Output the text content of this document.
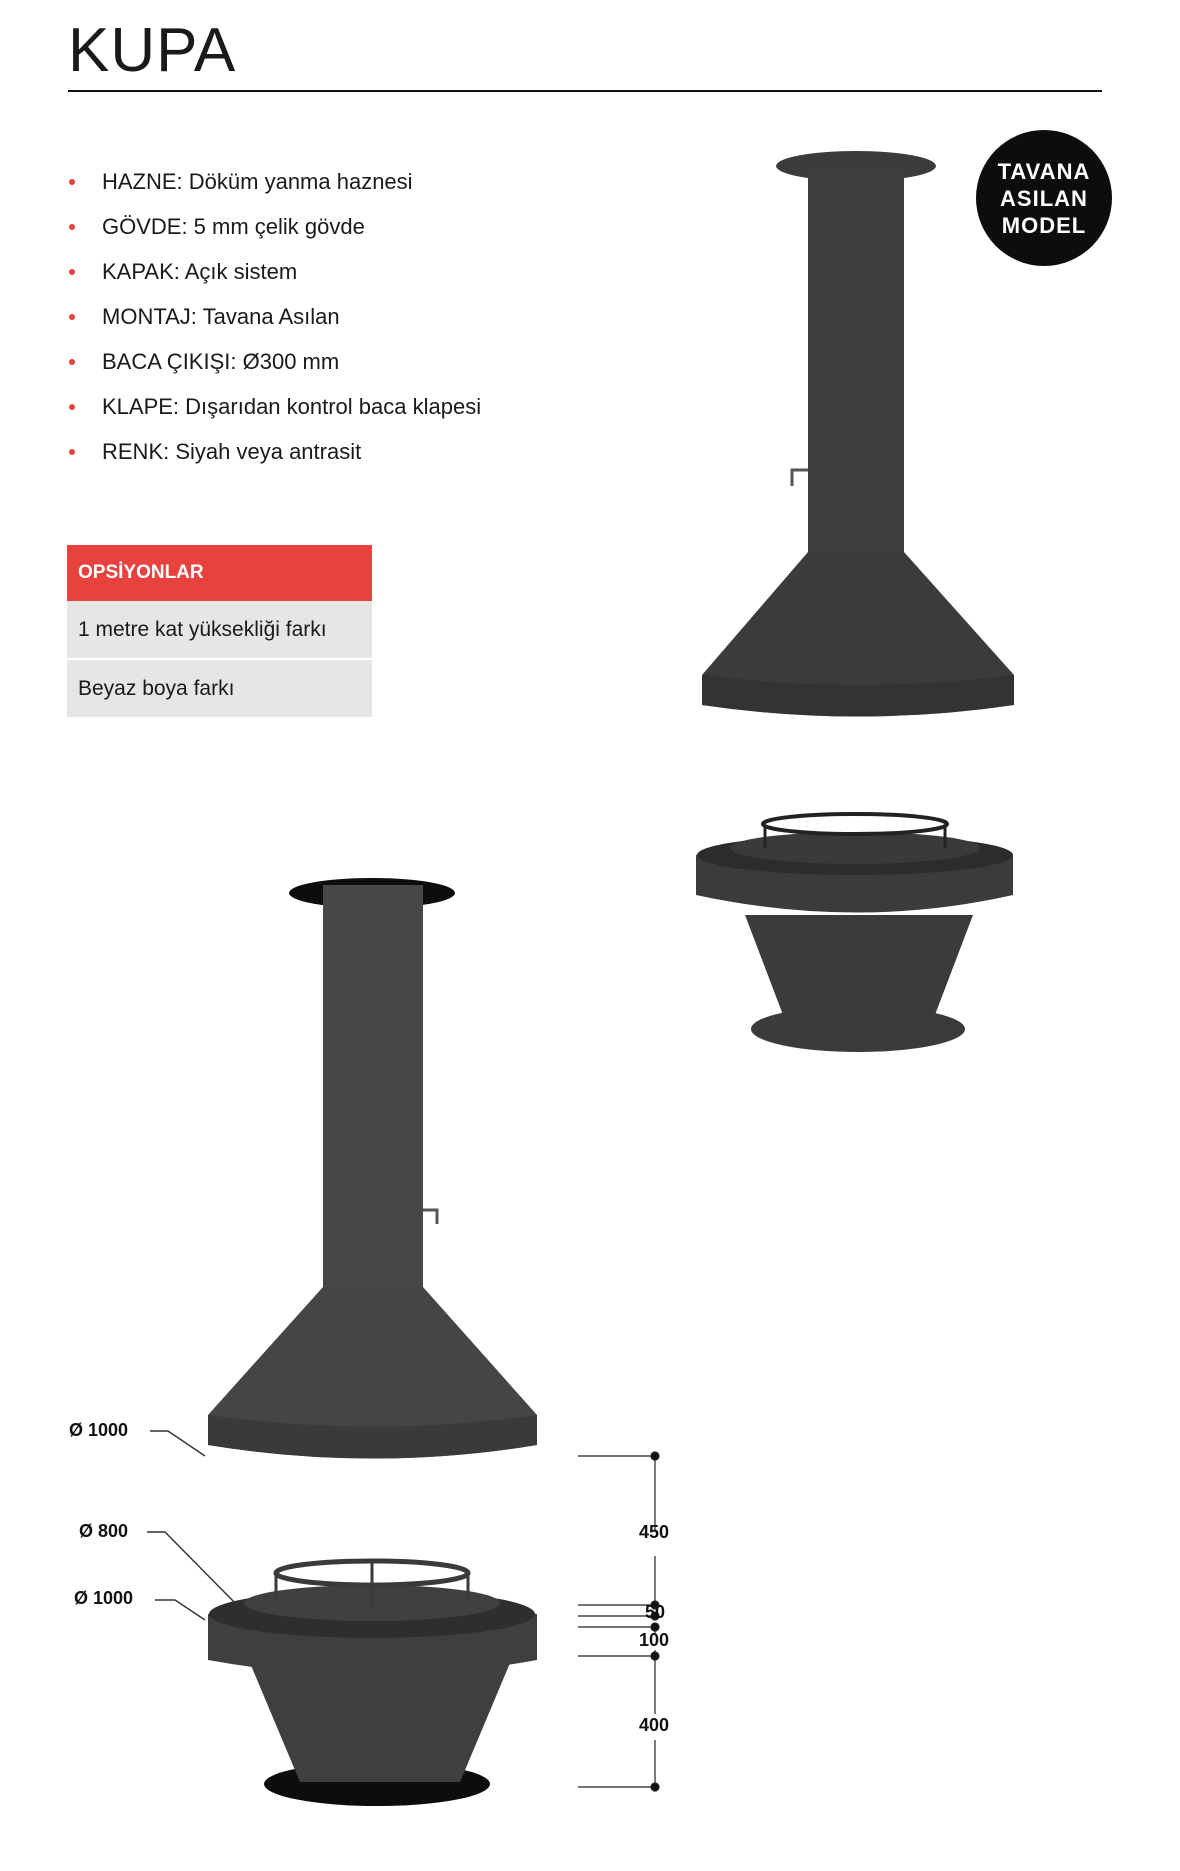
KUPA
HAZNE: Döküm yanma haznesi
GÖVDE: 5 mm çelik gövde
KAPAK: Açık sistem
MONTAJ: Tavana Asılan
BACA ÇIKIŞI: Ø300 mm
KLAPE: Dışarıdan kontrol baca klapesi
RENK: Siyah veya antrasit
OPSİYONLAR
1 metre kat yüksekliği farkı
Beyaz boya farkı
TAVANA
ASILAN
MODEL
Ø 1000
Ø 800
Ø 1000
450
50
100
400
